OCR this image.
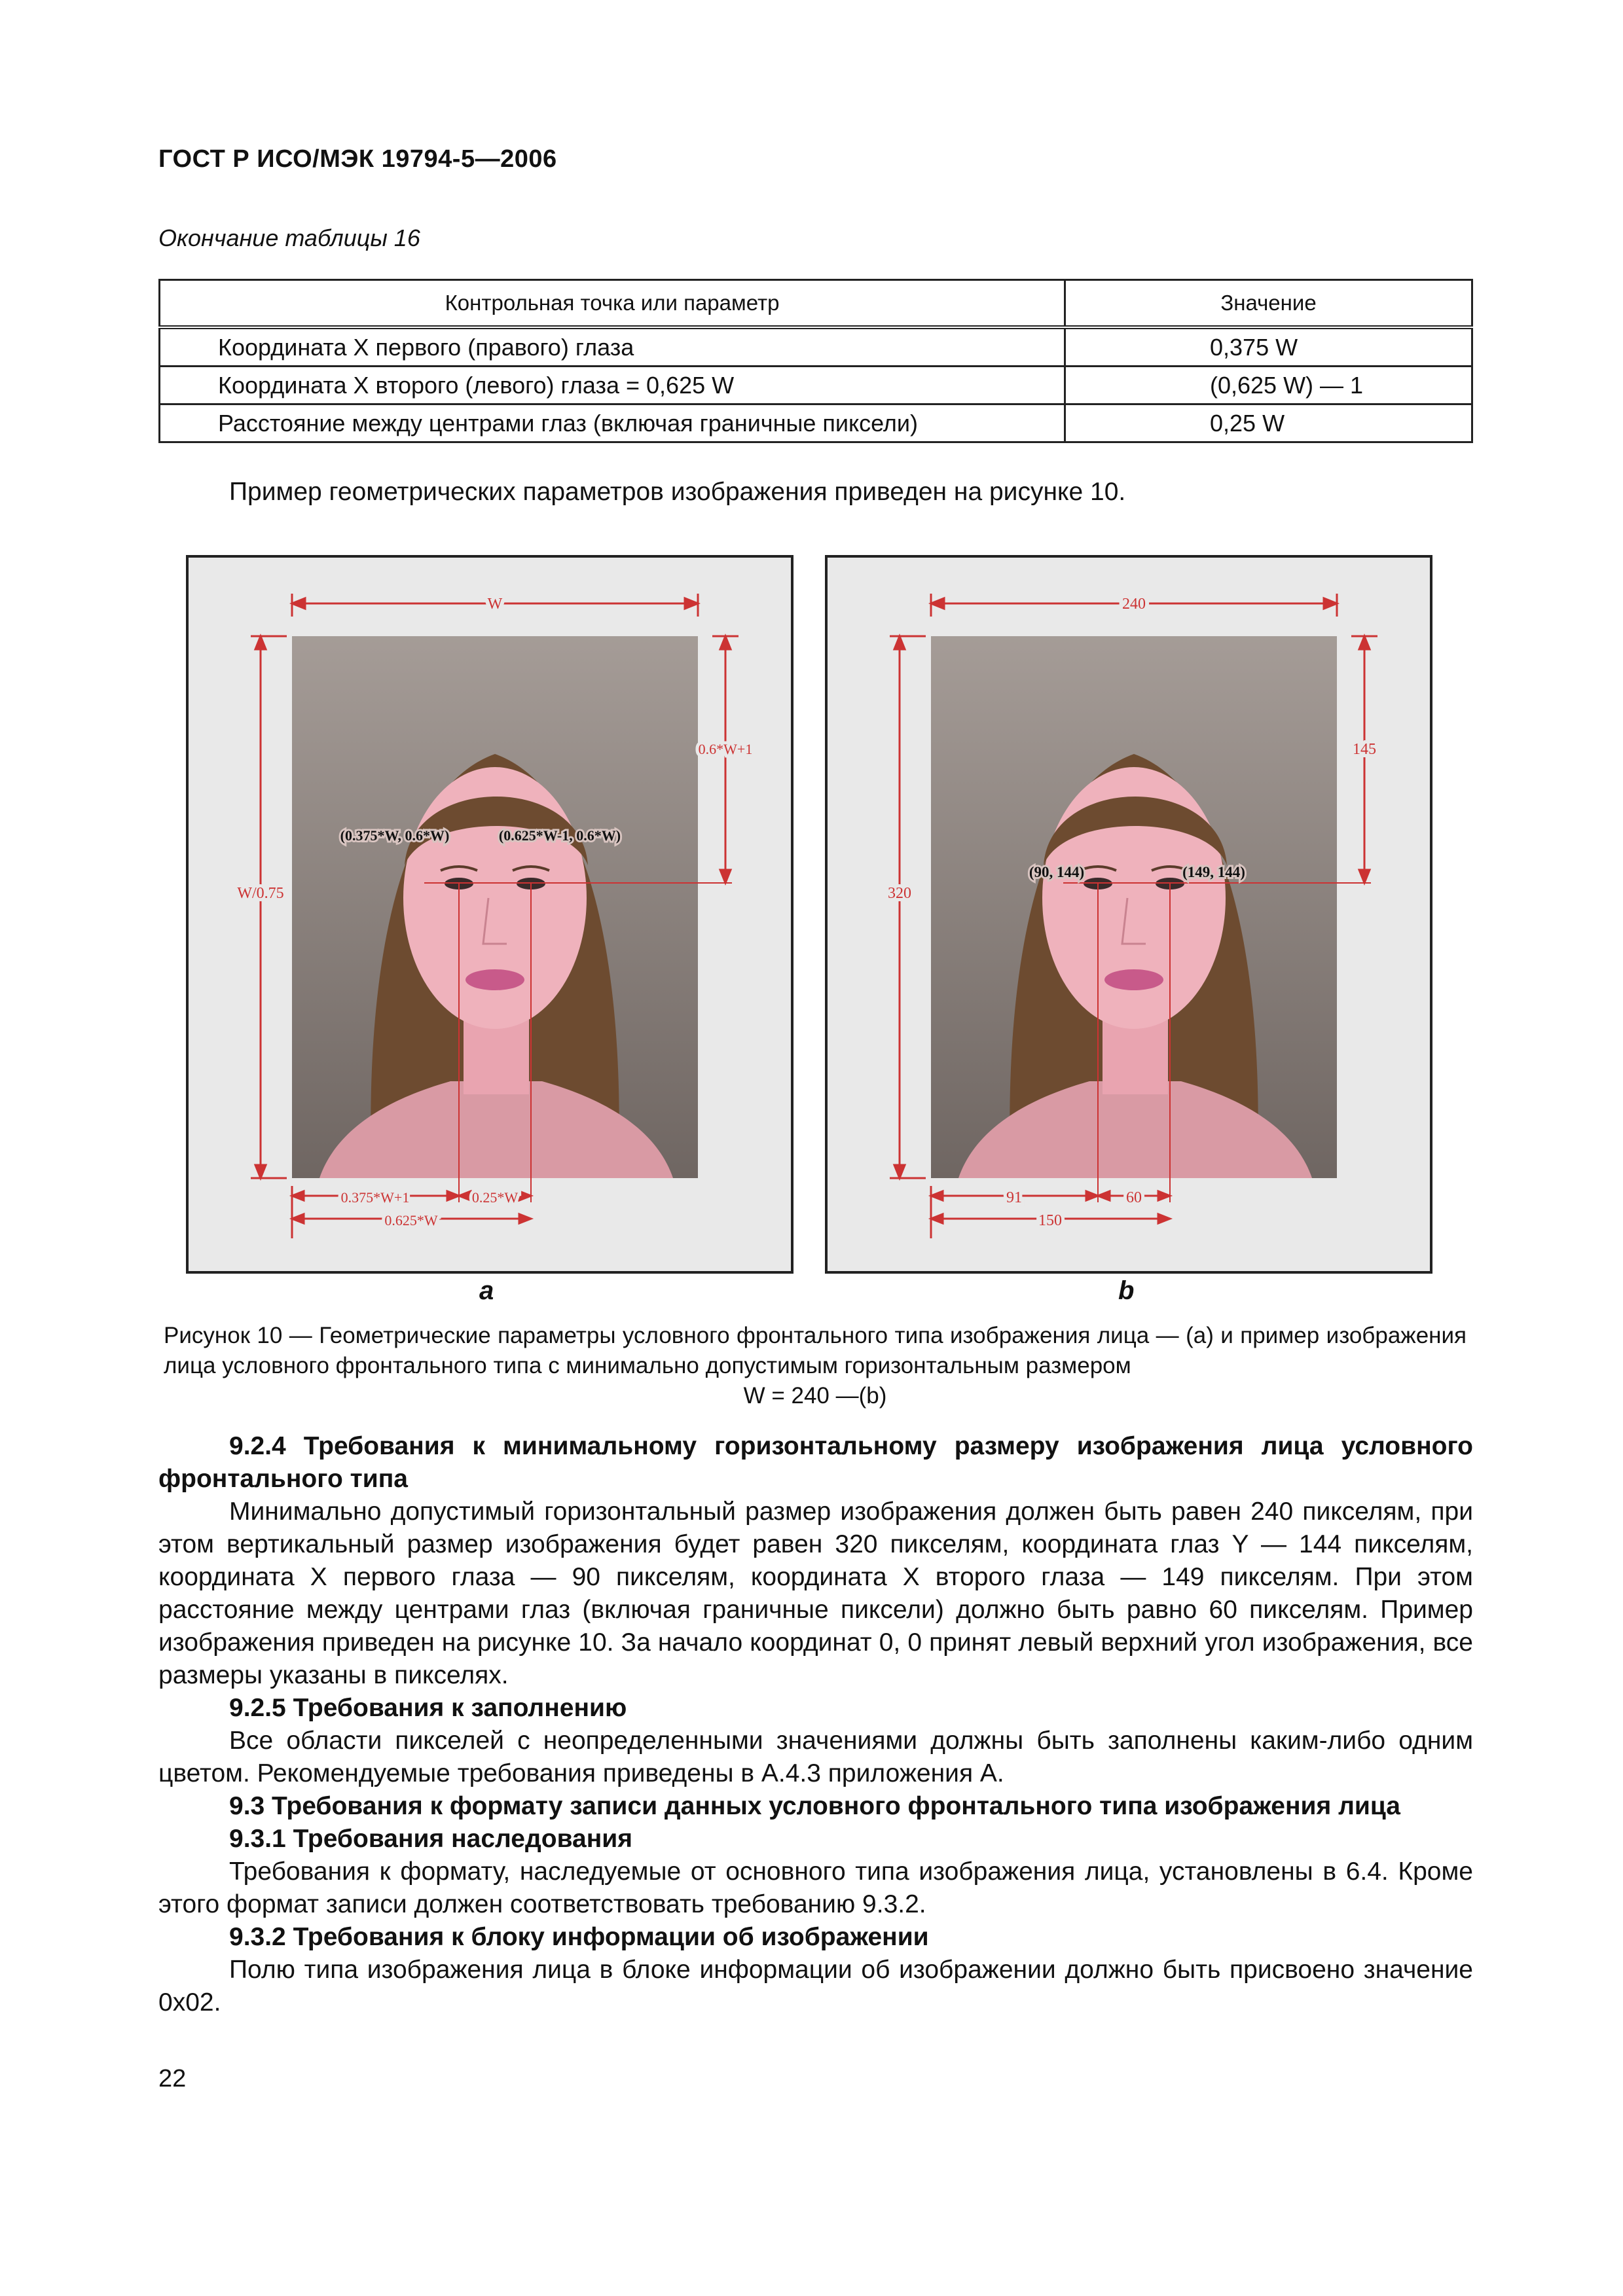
ГОСТ Р ИСО/МЭК 19794-5—2006
Окончание таблицы 16
Контрольная точка или параметр	Значение
Координата Х первого (правого) глаза	0,375 W
Координата Х второго (левого) глаза = 0,625 W	(0,625 W) — 1
Расстояние между центрами глаз (включая граничные пиксели)	0,25 W
Пример геометрических параметров изображения приведен на рисунке 10.
W
0.6*W+1
W/0.75
(0.375*W, 0.6*W)	(0.625*W-1, 0.6*W)
0.375*W+1	0.25*W
0.625*W
a
240
145
320
(90, 144)	(149, 144)
91	60
150
b
Рисунок 10 — Геометрические параметры условного фронтального типа изображения лица — (а) и пример изображения лица условного фронтального типа с минимально допустимым горизонтальным размером
W = 240 —(b)
9.2.4 Требования к минимальному горизонтальному размеру изображения лица условного фронтального типа

Минимально допустимый горизонтальный размер изображения должен быть равен 240 пикселям, при этом вертикальный размер изображения будет равен 320 пикселям, координата глаз Y — 144 пикселям, координата X первого глаза — 90 пикселям, координата X второго глаза — 149 пикселям. При этом расстояние между центрами глаз (включая граничные пиксели) должно быть равно 60 пикселям. Пример изображения приведен на рисунке 10. За начало координат 0, 0 принят левый верхний угол изображения, все размеры указаны в пикселях.

9.2.5 Требования к заполнению

Все области пикселей с неопределенными значениями должны быть заполнены каким-либо одним цветом. Рекомендуемые требования приведены в А.4.3 приложения А.

9.3 Требования к формату записи данных условного фронтального типа изображения лица
9.3.1 Требования наследования

Требования к формату, наследуемые от основного типа изображения лица, установлены в 6.4. Кроме этого формат записи должен соответствовать требованию 9.3.2.

9.3.2 Требования к блоку информации об изображении

Полю типа изображения лица в блоке информации об изображении должно быть присвоено значение 0x02.

22
